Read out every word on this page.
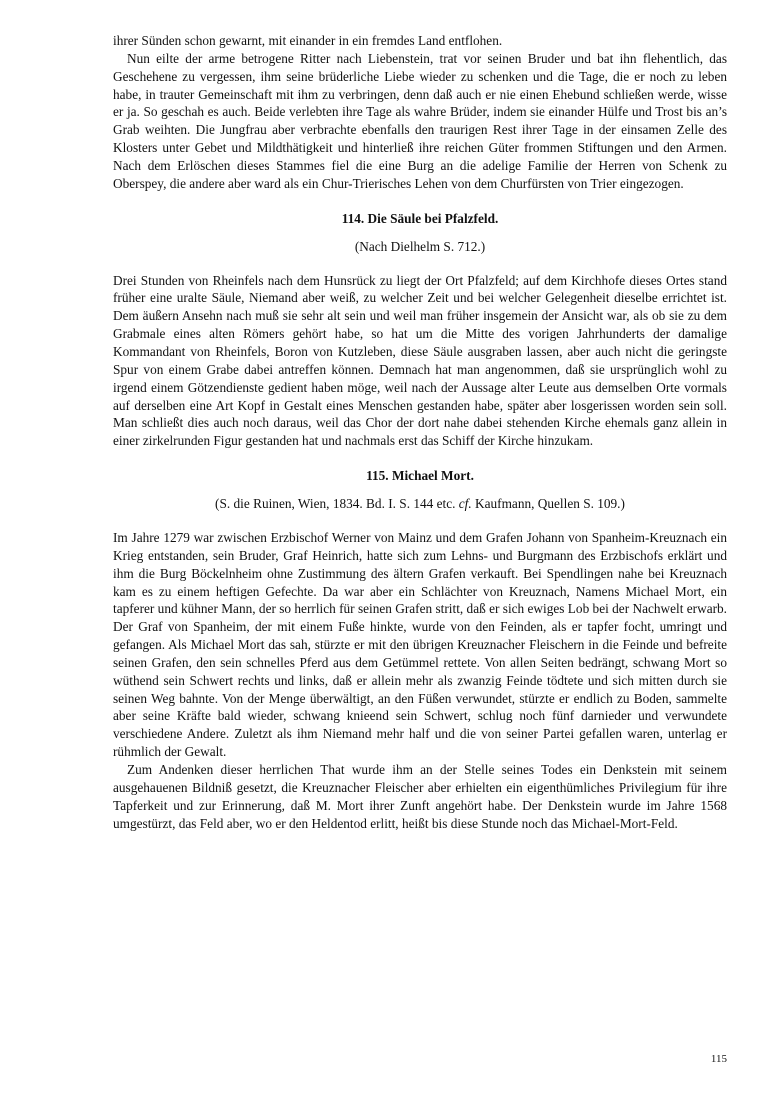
ihrer Sünden schon gewarnt, mit einander in ein fremdes Land entflohen.

Nun eilte der arme betrogene Ritter nach Liebenstein, trat vor seinen Bruder und bat ihn flehentlich, das Geschehene zu vergessen, ihm seine brüderliche Liebe wieder zu schenken und die Tage, die er noch zu leben habe, in trauter Gemeinschaft mit ihm zu verbringen, denn daß auch er nie einen Ehebund schließen werde, wisse er ja. So geschah es auch. Beide verlebten ihre Tage als wahre Brüder, indem sie einander Hülfe und Trost bis an’s Grab weihten. Die Jungfrau aber verbrachte ebenfalls den traurigen Rest ihrer Tage in der einsamen Zelle des Klosters unter Gebet und Mildthätigkeit und hinterließ ihre reichen Güter frommen Stiftungen und den Armen. Nach dem Erlöschen dieses Stammes fiel die eine Burg an die adelige Familie der Herren von Schenk zu Oberspey, die andere aber ward als ein Chur-Trierisches Lehen von dem Churfürsten von Trier eingezogen.

114. Die Säule bei Pfalzfeld.
(Nach Dielhelm S. 712.)

Drei Stunden von Rheinfels nach dem Hunsrück zu liegt der Ort Pfalzfeld; auf dem Kirchhofe dieses Ortes stand früher eine uralte Säule, Niemand aber weiß, zu welcher Zeit und bei welcher Gelegenheit dieselbe errichtet ist. Dem äußern Ansehn nach muß sie sehr alt sein und weil man früher insgemein der Ansicht war, als ob sie zu dem Grabmale eines alten Römers gehört habe, so hat um die Mitte des vorigen Jahrhunderts der damalige Kommandant von Rheinfels, Boron von Kutzleben, diese Säule ausgraben lassen, aber auch nicht die geringste Spur von einem Grabe dabei antreffen können. Demnach hat man angenommen, daß sie ursprünglich wohl zu irgend einem Götzendienste gedient haben möge, weil nach der Aussage alter Leute aus demselben Orte vormals auf derselben eine Art Kopf in Gestalt eines Menschen gestanden habe, später aber losgerissen worden sein soll. Man schließt dies auch noch daraus, weil das Chor der dort nahe dabei stehenden Kirche ehemals ganz allein in einer zirkelrunden Figur gestanden hat und nachmals erst das Schiff der Kirche hinzukam.

115. Michael Mort.
(S. die Ruinen, Wien, 1834. Bd. I. S. 144 etc. cf. Kaufmann, Quellen S. 109.)

Im Jahre 1279 war zwischen Erzbischof Werner von Mainz und dem Grafen Johann von Spanheim-Kreuznach ein Krieg entstanden, sein Bruder, Graf Heinrich, hatte sich zum Lehns- und Burgmann des Erzbischofs erklärt und ihm die Burg Böckelnheim ohne Zustimmung des ältern Grafen verkauft. Bei Spendlingen nahe bei Kreuznach kam es zu einem heftigen Gefechte. Da war aber ein Schlächter von Kreuznach, Namens Michael Mort, ein tapferer und kühner Mann, der so herrlich für seinen Grafen stritt, daß er sich ewiges Lob bei der Nachwelt erwarb. Der Graf von Spanheim, der mit einem Fuße hinkte, wurde von den Feinden, als er tapfer focht, umringt und gefangen. Als Michael Mort das sah, stürzte er mit den übrigen Kreuznacher Fleischern in die Feinde und befreite seinen Grafen, den sein schnelles Pferd aus dem Getümmel rettete. Von allen Seiten bedrängt, schwang Mort so wüthend sein Schwert rechts und links, daß er allein mehr als zwanzig Feinde tödtete und sich mitten durch sie seinen Weg bahnte. Von der Menge überwältigt, an den Füßen verwundet, stürzte er endlich zu Boden, sammelte aber seine Kräfte bald wieder, schwang knieend sein Schwert, schlug noch fünf darnieder und verwundete verschiedene Andere. Zuletzt als ihm Niemand mehr half und die von seiner Partei gefallen waren, unterlag er rühmlich der Gewalt.

Zum Andenken dieser herrlichen That wurde ihm an der Stelle seines Todes ein Denkstein mit seinem ausgehauenen Bildniß gesetzt, die Kreuznacher Fleischer aber erhielten ein eigenthümliches Privilegium für ihre Tapferkeit und zur Erinnerung, daß M. Mort ihrer Zunft angehört habe. Der Denkstein wurde im Jahre 1568 umgestürzt, das Feld aber, wo er den Heldentod erlitt, heißt bis diese Stunde noch das Michael-Mort-Feld.

115
